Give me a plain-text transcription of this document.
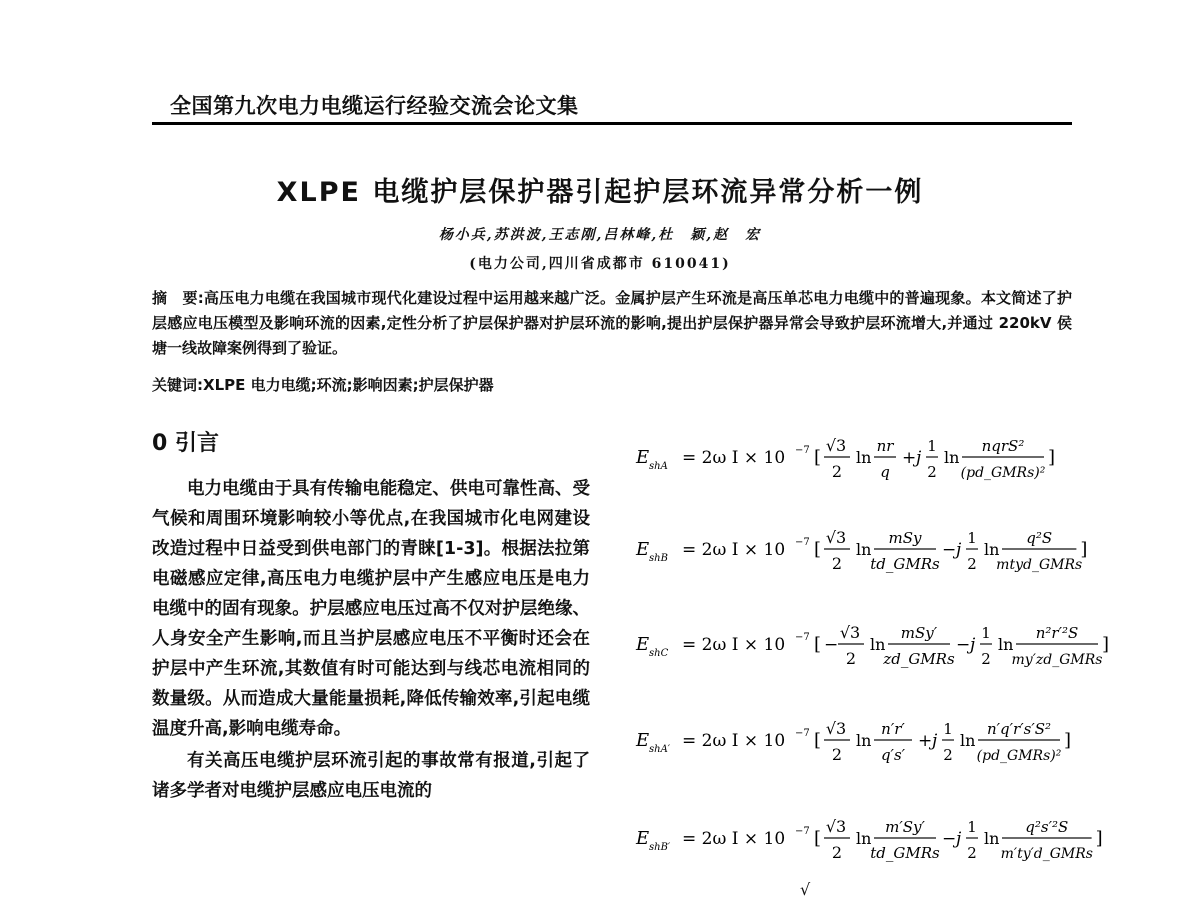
全国第九次电力电缆运行经验交流会论文集
XLPE 电缆护层保护器引起护层环流异常分析一例
杨小兵,苏洪波,王志刚,吕林峰,杜　颖,赵　宏
(电力公司,四川省成都市 610041)
摘　要:高压电力电缆在我国城市现代化建设过程中运用越来越广泛。金属护层产生环流是高压单芯电力电缆中的普遍现象。本文简述了护层感应电压模型及影响环流的因素,定性分析了护层保护器对护层环流的影响,提出护层保护器异常会导致护层环流增大,并通过 220kV 侯塘一线故障案例得到了验证。
关键词:XLPE 电力电缆;环流;影响因素;护层保护器
0 引言

电力电缆由于具有传输电能稳定、供电可靠性高、受气候和周围环境影响较小等优点,在我国城市化电网建设改造过程中日益受到供电部门的青睐[1-3]。根据法拉第电磁感应定律,高压电力电缆护层中产生感应电压是电力电缆中的固有现象。护层感应电压过高不仅对护层绝缘、人身安全产生影响,而且当护层感应电压不平衡时还会在护层中产生环流,其数值有时可能达到与线芯电流相同的数量级。从而造成大量能量损耗,降低传输效率,引起电缆温度升高,影响电缆寿命。

有关高压电缆护层环流引起的事故常有报道,引起了诸多学者对电缆护层感应电压电流的

E shA = 2ω I × 10 −7 [
√3
2
ln
nr
q
+ j
1
2
ln
nqrS²
(pd_GMRs)²
]
E shB = 2ω I × 10 −7 [
√3
2
ln
mSy
td_GMRs
− j
1
2
ln
q²S
mtyd_GMRs
]
E shC = 2ω I × 10 −7 [ −
√3
2
ln
mSy′
zd_GMRs
− j
1
2
ln
n²r′²S
my′zd_GMRs
]
E shA′ = 2ω I × 10 −7 [
√3
2
ln
n′r′
q′s′
+ j
1
2
ln
n′q′r′s′S²
(pd_GMRs)²
]
E shB′ = 2ω I × 10 −7 [
√3
2
ln
m′Sy′
td_GMRs
− j
1
2
ln
q²s′²S
m′ty′d_GMRs
]
√
